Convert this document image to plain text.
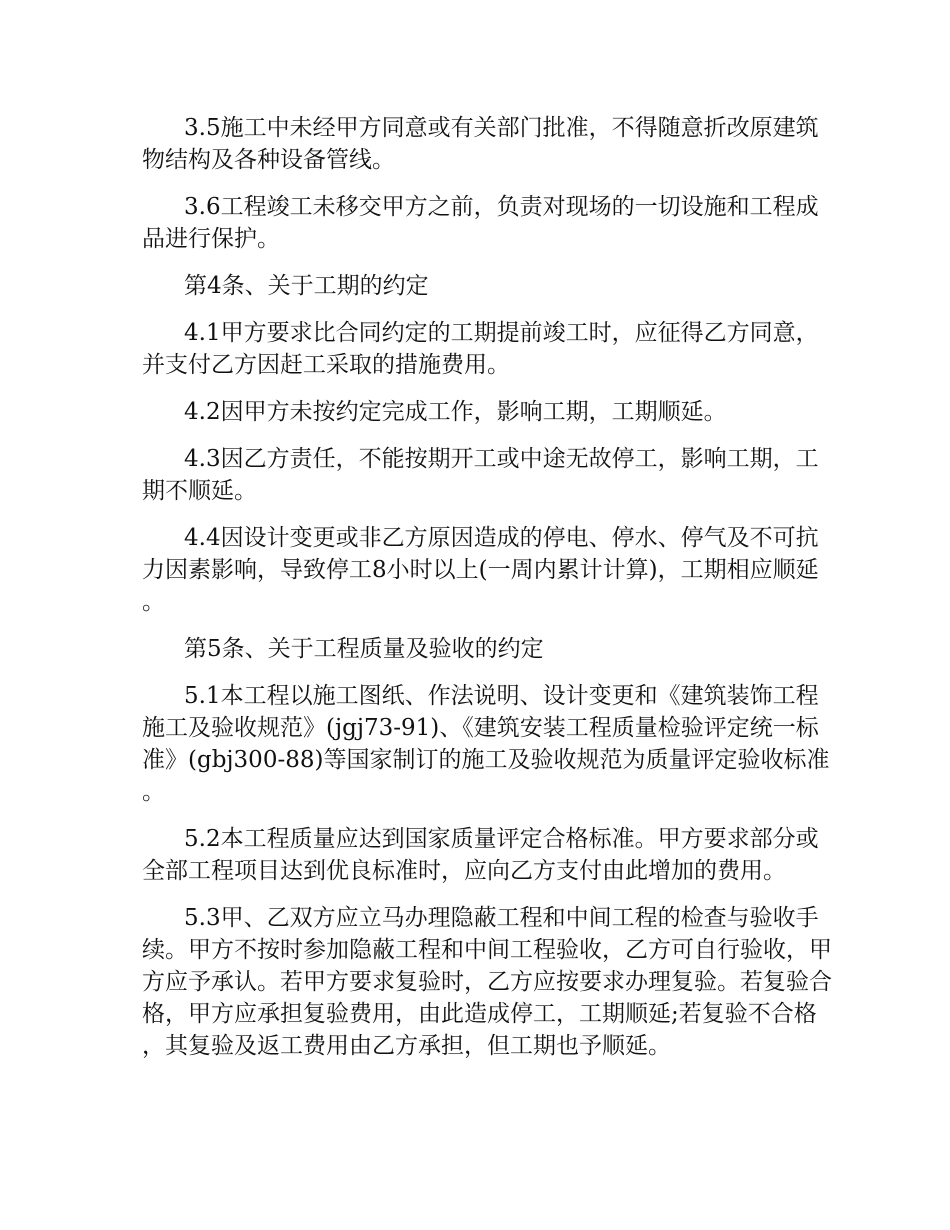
3.5施工中未经甲方同意或有关部门批准，不得随意折改原建筑物结构及各种设备管线。

3.6工程竣工未移交甲方之前，负责对现场的一切设施和工程成品进行保护。

第4条、关于工期的约定

4.1甲方要求比合同约定的工期提前竣工时，应征得乙方同意，并支付乙方因赶工采取的措施费用。

4.2因甲方未按约定完成工作，影响工期，工期顺延。

4.3因乙方责任，不能按期开工或中途无故停工，影响工期，工期不顺延。

4.4因设计变更或非乙方原因造成的停电、停水、停气及不可抗力因素影响，导致停工8小时以上(一周内累计计算)，工期相应顺延。

第5条、关于工程质量及验收的约定

5.1本工程以施工图纸、作法说明、设计变更和《建筑装饰工程施工及验收规范》(jgj73-91)、《建筑安装工程质量检验评定统一标准》(gbj300-88)等国家制订的施工及验收规范为质量评定验收标准。

5.2本工程质量应达到国家质量评定合格标准。甲方要求部分或全部工程项目达到优良标准时，应向乙方支付由此增加的费用。

5.3甲、乙双方应立马办理隐蔽工程和中间工程的检查与验收手续。甲方不按时参加隐蔽工程和中间工程验收，乙方可自行验收，甲方应予承认。若甲方要求复验时，乙方应按要求办理复验。若复验合格，甲方应承担复验费用，由此造成停工，工期顺延;若复验不合格，其复验及返工费用由乙方承担，但工期也予顺延。
